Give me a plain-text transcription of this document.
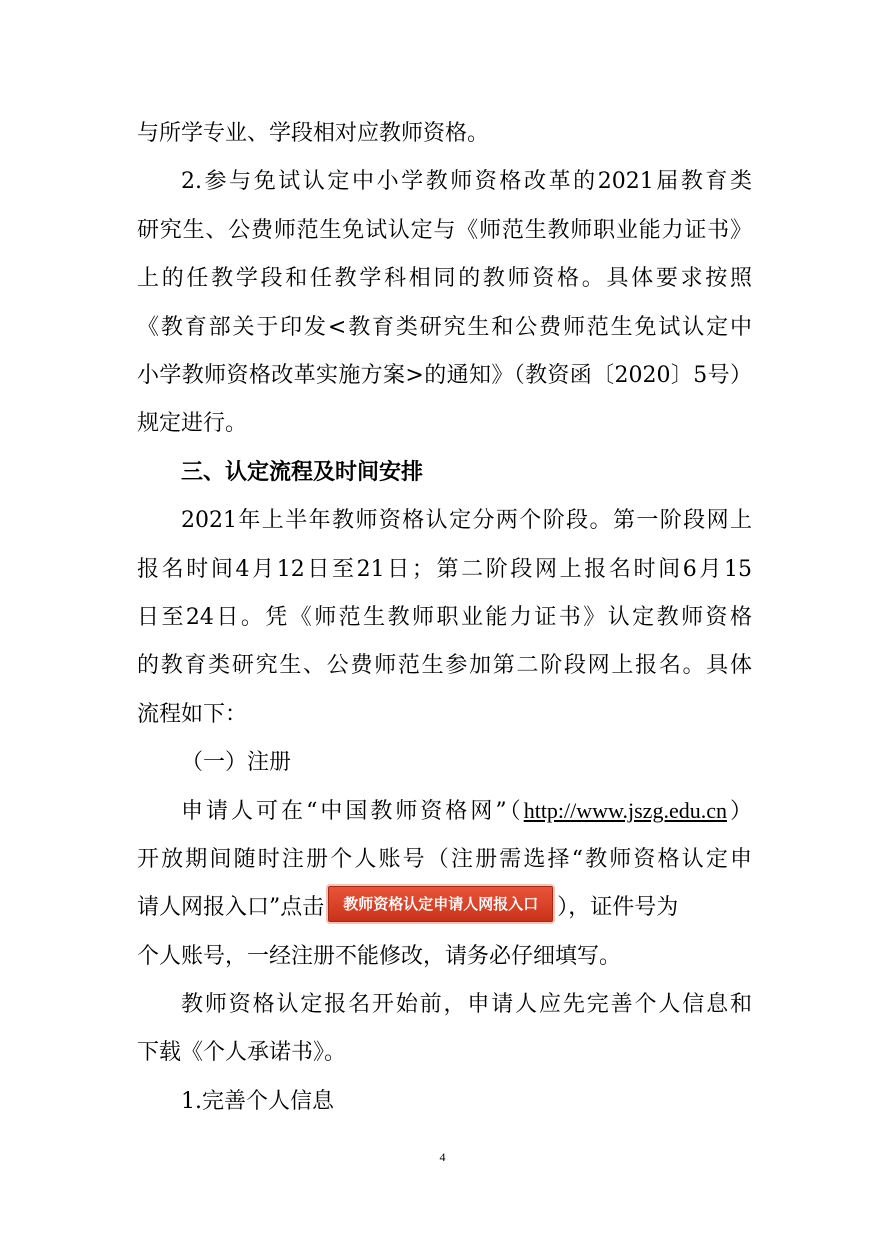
与所学专业、学段相对应教师资格。
2.参与免试认定中小学教师资格改革的2021届教育类
研究生、公费师范生免试认定与《师范生教师职业能力证书》
上的任教学段和任教学科相同的教师资格。具体要求按照
《教育部关于印发<教育类研究生和公费师范生免试认定中
小学教师资格改革实施方案>的通知》（教资函〔2020〕5号）
规定进行。
三、认定流程及时间安排
2021年上半年教师资格认定分两个阶段。第一阶段网上
报名时间4月12日至21日；第二阶段网上报名时间6月15
日至24日。凭《师范生教师职业能力证书》认定教师资格
的教育类研究生、公费师范生参加第二阶段网上报名。具体
流程如下：
（一）注册
申请人可在“中国教师资格网”（http://www.jszg.edu.cn）
开放期间随时注册个人账号（注册需选择“教师资格认定申
请人网报入口”点击 教师资格认定申请人网报入口 ），证件号为
个人账号，一经注册不能修改，请务必仔细填写。
教师资格认定报名开始前，申请人应先完善个人信息和
下载《个人承诺书》。
1.完善个人信息
4
